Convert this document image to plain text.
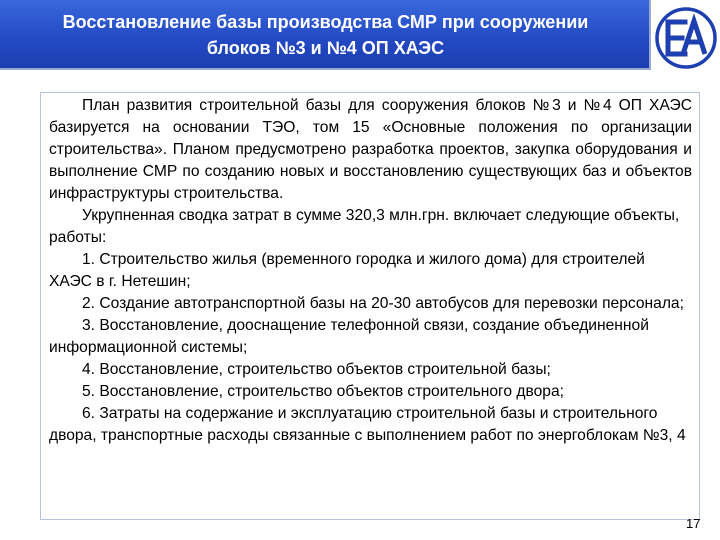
Восстановление базы производства СМР при сооружении
блоков №3 и №4 ОП ХАЭС

План развития строительной базы для сооружения блоков №3 и №4 ОП ХАЭС базируется на основании ТЭО, том 15 «Основные положения по организации строительства». Планом предусмотрено разработка проектов, закупка оборудования и выполнение СМР по созданию новых и восстановлению существующих баз и объектов инфраструктуры строительства.

Укрупненная сводка затрат в сумме 320,3 млн.грн. включает следующие объекты, работы:

1. Строительство жилья (временного городка и жилого дома) для строителей ХАЭС в г. Нетешин;

2. Создание автотранспортной базы на 20-30 автобусов для перевозки персонала;

3. Восстановление, дооснащение телефонной связи, создание объединенной информационной системы;

4. Восстановление, строительство объектов строительной базы;

5. Восстановление, строительство объектов строительного двора;

6. Затраты на содержание и эксплуатацию строительной базы и строительного двора, транспортные расходы связанные с выполнением работ по энергоблокам №3, 4

17
